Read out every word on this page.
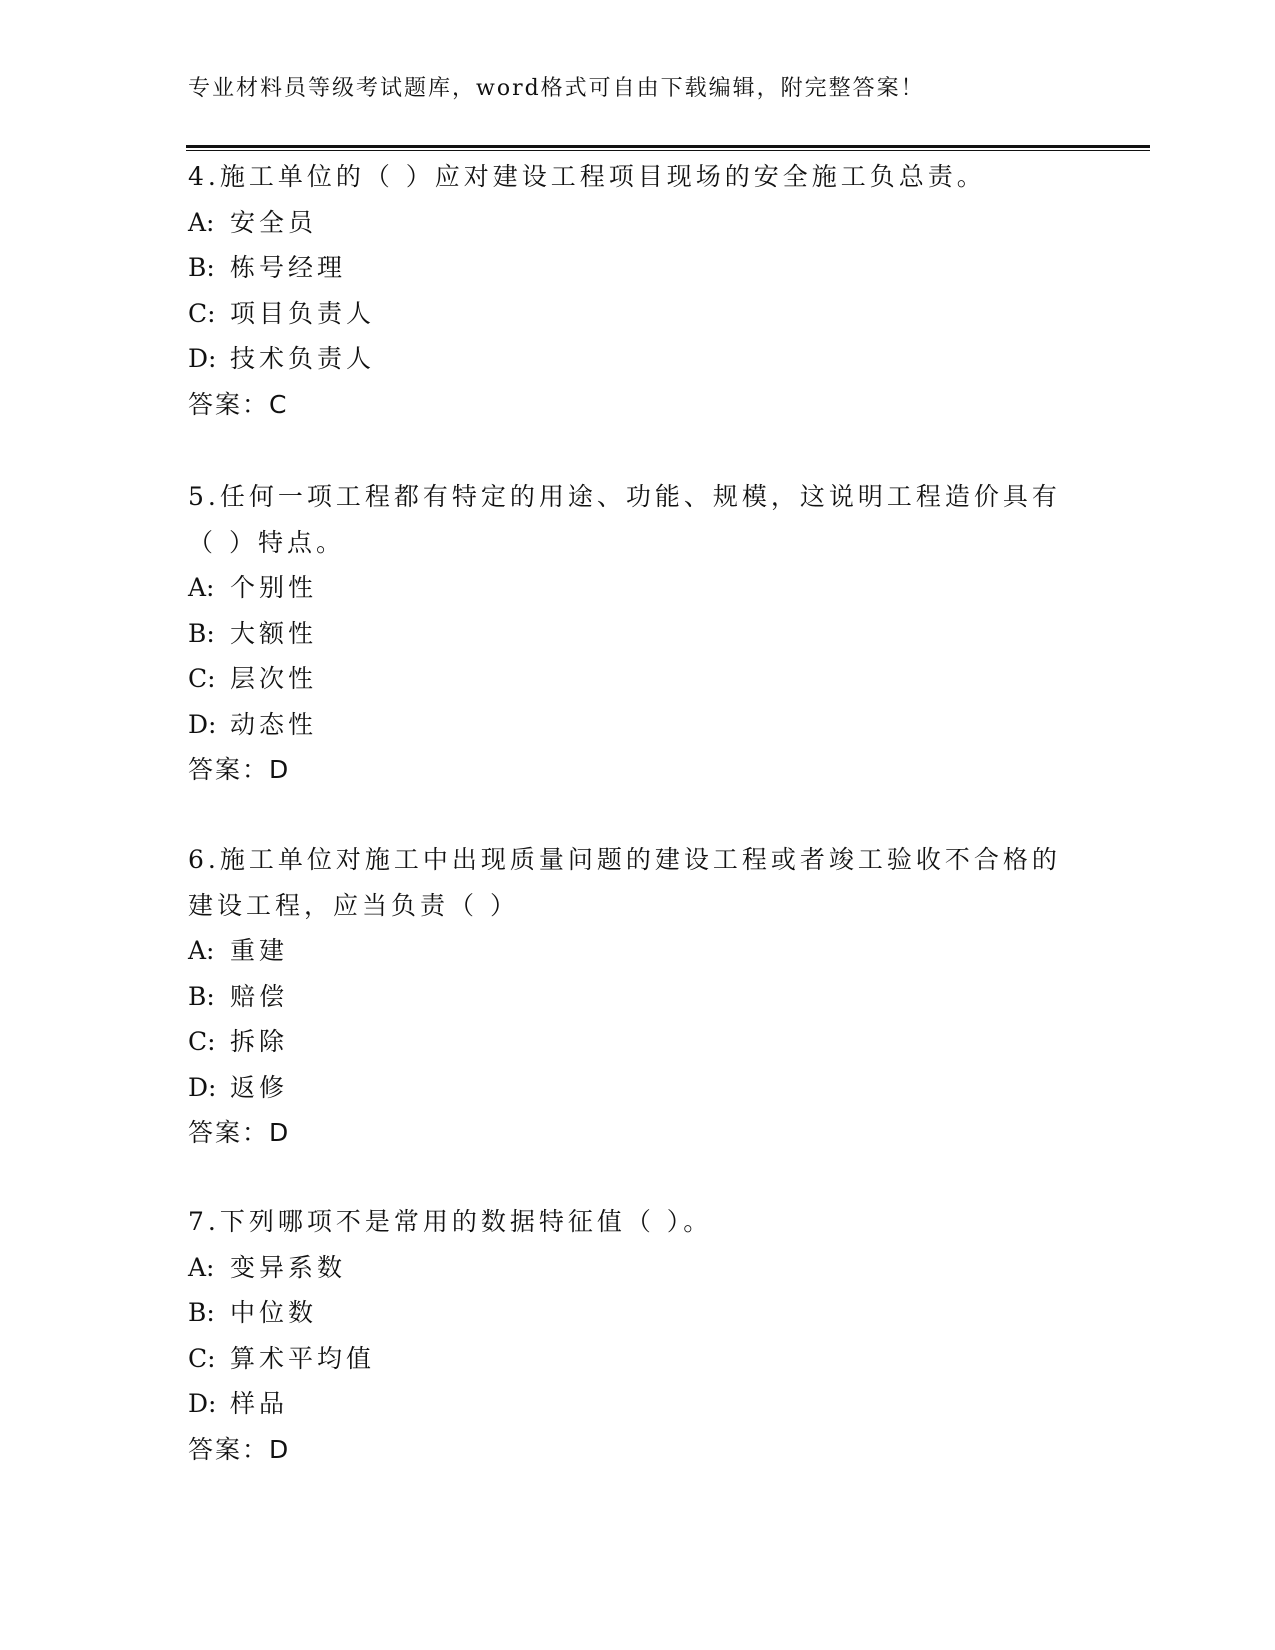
专业材料员等级考试题库，word格式可自由下载编辑，附完整答案！
4.施工单位的（ ）应对建设工程项目现场的安全施工负总责。
A: 安全员
B: 栋号经理
C: 项目负责人
D: 技术负责人
答案：C
5.任何一项工程都有特定的用途、功能、规模，这说明工程造价具有
（ ）特点。
A: 个别性
B: 大额性
C: 层次性
D: 动态性
答案：D
6.施工单位对施工中出现质量问题的建设工程或者竣工验收不合格的
建设工程，应当负责（ ）
A: 重建
B: 赔偿
C: 拆除
D: 返修
答案：D
7.下列哪项不是常用的数据特征值（ ）。
A: 变异系数
B: 中位数
C: 算术平均值
D: 样品
答案：D
